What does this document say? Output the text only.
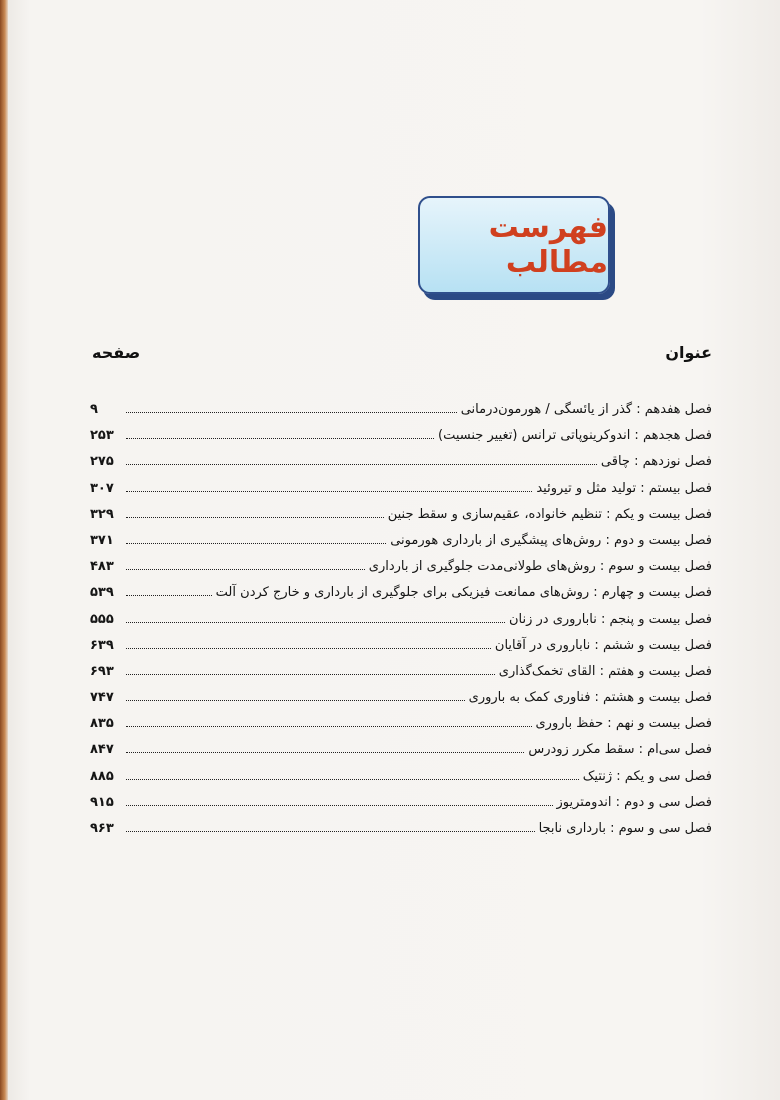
فهرست مطالب
عنوان
صفحه
فصل هفدهم : گذر از یائسگی / هورمون‌درمانی
۹
فصل هجدهم : اندوکرینوپاتی ترانس (تغییر جنسیت)
۲۵۳
فصل نوزدهم : چاقی
۲۷۵
فصل بیستم : تولید مثل و تیروئید
۳۰۷
فصل بیست و یکم : تنظیم خانواده، عقیم‌سازی و سقط جنین
۳۲۹
فصل بیست و دوم : روش‌های پیشگیری از بارداری هورمونی
۳۷۱
فصل بیست و سوم : روش‌های طولانی‌مدت جلوگیری از بارداری
۴۸۳
فصل بیست و چهارم : روش‌های ممانعت فیزیکی برای جلوگیری از بارداری و خارج کردن آلت
۵۳۹
فصل بیست و پنجم : ناباروری در زنان
۵۵۵
فصل بیست و ششم : ناباروری در آقایان
۶۳۹
فصل بیست و هفتم : القای تخمک‌گذاری
۶۹۳
فصل بیست و هشتم : فناوری کمک به باروری
۷۴۷
فصل بیست و نهم : حفظ باروری
۸۳۵
فصل سی‌ام : سقط مکرر زودرس
۸۴۷
فصل سی و یکم : ژنتیک
۸۸۵
فصل سی و دوم : اندومتریوز
۹۱۵
فصل سی و سوم : بارداری نابجا
۹۶۳
